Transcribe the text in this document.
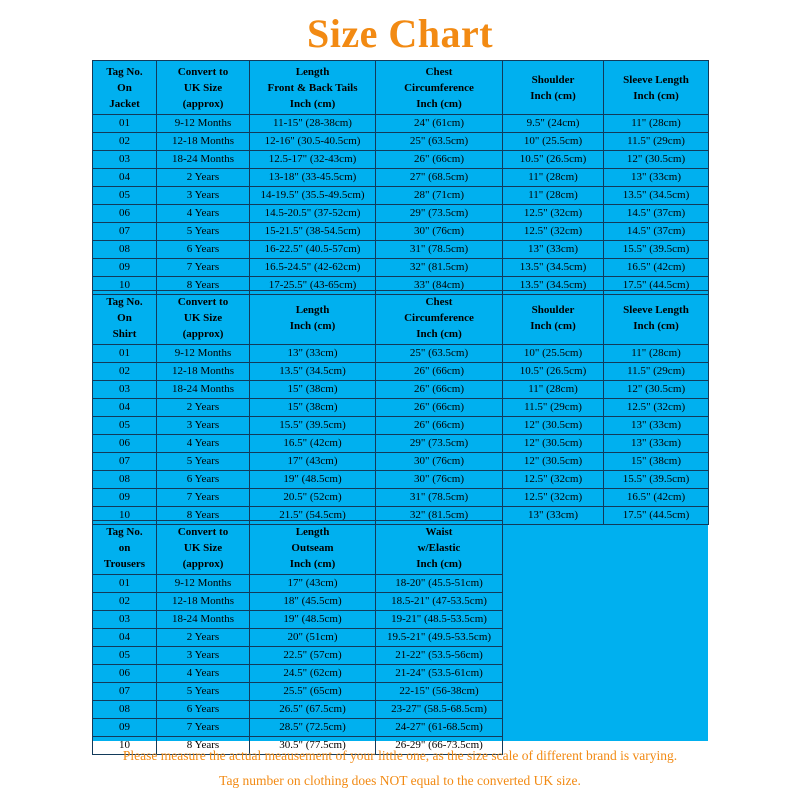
Size Chart
Tag No.
On
Jacket	Convert to
UK Size
(approx)	Length
Front & Back Tails
Inch (cm)	Chest
Circumference
Inch (cm)	Shoulder
Inch (cm)	Sleeve Length
Inch (cm)
01	9-12 Months	11-15" (28-38cm)	24" (61cm)	9.5" (24cm)	11" (28cm)
02	12-18 Months	12-16" (30.5-40.5cm)	25" (63.5cm)	10" (25.5cm)	11.5" (29cm)
03	18-24 Months	12.5-17" (32-43cm)	26" (66cm)	10.5" (26.5cm)	12" (30.5cm)
04	2 Years	13-18" (33-45.5cm)	27" (68.5cm)	11" (28cm)	13" (33cm)
05	3 Years	14-19.5" (35.5-49.5cm)	28" (71cm)	11" (28cm)	13.5" (34.5cm)
06	4 Years	14.5-20.5" (37-52cm)	29" (73.5cm)	12.5" (32cm)	14.5" (37cm)
07	5 Years	15-21.5" (38-54.5cm)	30" (76cm)	12.5" (32cm)	14.5" (37cm)
08	6 Years	16-22.5" (40.5-57cm)	31" (78.5cm)	13" (33cm)	15.5" (39.5cm)
09	7 Years	16.5-24.5" (42-62cm)	32" (81.5cm)	13.5" (34.5cm)	16.5" (42cm)
10	8 Years	17-25.5" (43-65cm)	33" (84cm)	13.5" (34.5cm)	17.5" (44.5cm)
Tag No.
On
Shirt	Convert to
UK Size
(approx)	Length
Inch (cm)	Chest
Circumference
Inch (cm)	Shoulder
Inch (cm)	Sleeve Length
Inch (cm)
01	9-12 Months	13" (33cm)	25" (63.5cm)	10" (25.5cm)	11" (28cm)
02	12-18 Months	13.5" (34.5cm)	26" (66cm)	10.5" (26.5cm)	11.5" (29cm)
03	18-24 Months	15" (38cm)	26" (66cm)	11" (28cm)	12" (30.5cm)
04	2 Years	15" (38cm)	26" (66cm)	11.5" (29cm)	12.5" (32cm)
05	3 Years	15.5" (39.5cm)	26" (66cm)	12" (30.5cm)	13" (33cm)
06	4 Years	16.5" (42cm)	29" (73.5cm)	12" (30.5cm)	13" (33cm)
07	5 Years	17" (43cm)	30" (76cm)	12" (30.5cm)	15" (38cm)
08	6 Years	19" (48.5cm)	30" (76cm)	12.5" (32cm)	15.5" (39.5cm)
09	7 Years	20.5" (52cm)	31" (78.5cm)	12.5" (32cm)	16.5" (42cm)
10	8 Years	21.5" (54.5cm)	32" (81.5cm)	13" (33cm)	17.5" (44.5cm)
Tag No.
on
Trousers	Convert to
UK Size
(approx)	Length
Outseam
Inch (cm)	Waist
w/Elastic
Inch (cm)
01	9-12 Months	17" (43cm)	18-20" (45.5-51cm)
02	12-18 Months	18" (45.5cm)	18.5-21" (47-53.5cm)
03	18-24 Months	19" (48.5cm)	19-21" (48.5-53.5cm)
04	2 Years	20" (51cm)	19.5-21" (49.5-53.5cm)
05	3 Years	22.5" (57cm)	21-22" (53.5-56cm)
06	4 Years	24.5" (62cm)	21-24" (53.5-61cm)
07	5 Years	25.5" (65cm)	22-15" (56-38cm)
08	6 Years	26.5" (67.5cm)	23-27" (58.5-68.5cm)
09	7 Years	28.5" (72.5cm)	24-27" (61-68.5cm)
10	8 Years	30.5" (77.5cm)	26-29" (66-73.5cm)
Please measure the actual meausement of your little one, as the size scale of different brand is varying.
Tag number on clothing does NOT equal to the converted UK size.
